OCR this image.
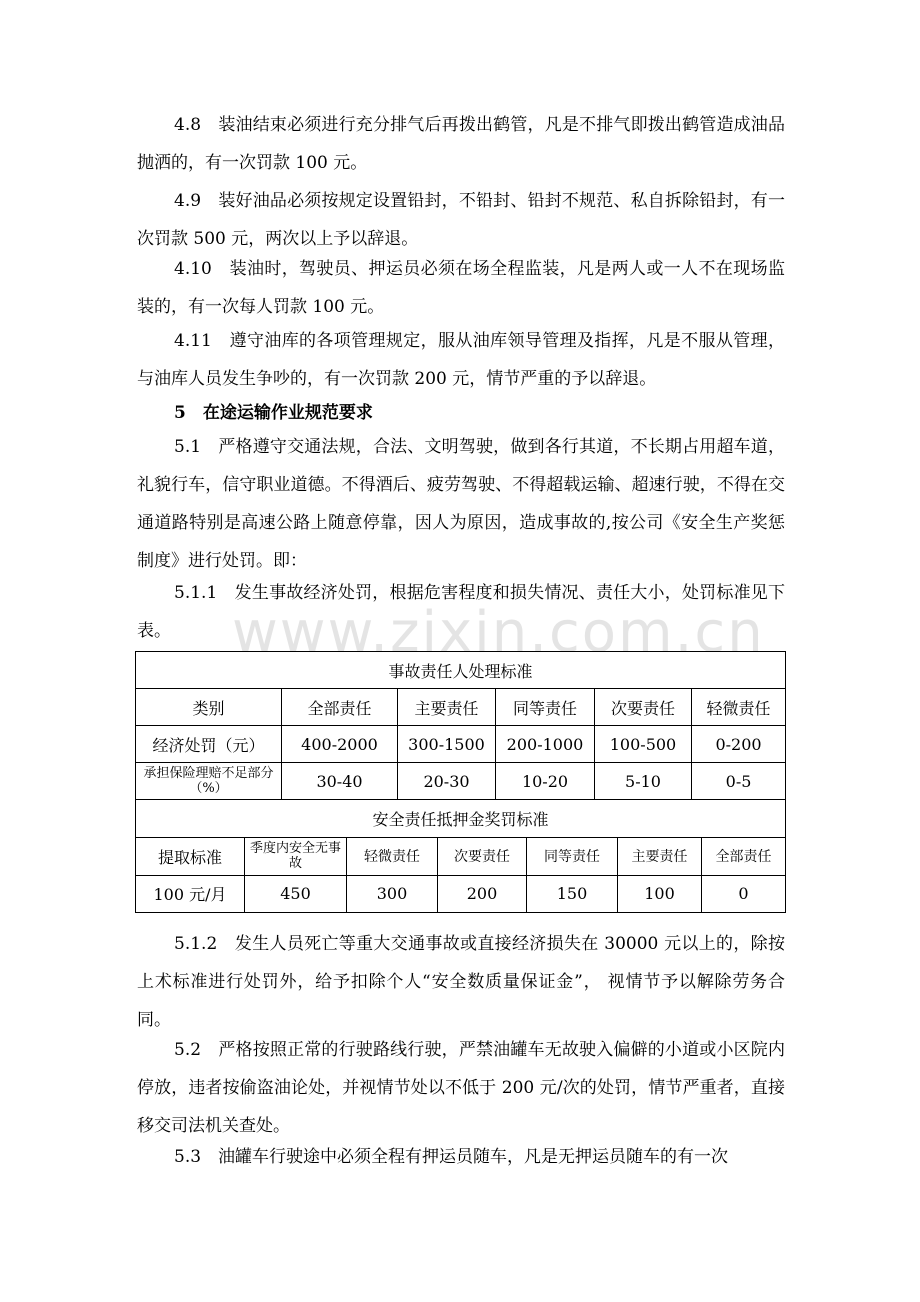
www.zixin.com.cn

4.8　装油结束必须进行充分排气后再拨出鹤管，凡是不排气即拨出鹤管造成油品抛洒的，有一次罚款 100 元。

4.9　装好油品必须按规定设置铅封，不铅封、铅封不规范、私自拆除铅封，有一次罚款 500 元，两次以上予以辞退。

4.10　装油时，驾驶员、押运员必须在场全程监装，凡是两人或一人不在现场监装的，有一次每人罚款 100 元。

4.11　遵守油库的各项管理规定，服从油库领导管理及指挥，凡是不服从管理，与油库人员发生争吵的，有一次罚款 200 元，情节严重的予以辞退。

5　在途运输作业规范要求

5.1　严格遵守交通法规，合法、文明驾驶，做到各行其道，不长期占用超车道，礼貌行车，信守职业道德。不得酒后、疲劳驾驶、不得超载运输、超速行驶，不得在交通道路特别是高速公路上随意停靠，因人为原因，造成事故的,按公司《安全生产奖惩制度》进行处罚。即：

5.1.1　发生事故经济处罚，根据危害程度和损失情况、责任大小，处罚标准见下表。

事故责任人处理标准					
类别	全部责任	主要责任	同等责任	次要责任	轻微责任
经济处罚（元）	400-2000	300-1500	200-1000	100-500	0-200
承担保险理赔不足部分（%）	30-40	20-30	10-20	5-10	0-5
安全责任抵押金奖罚标准						
提取标准	季度内安全无事故	轻微责任	次要责任	同等责任	主要责任	全部责任
100 元/月	450	300	200	150	100	0

5.1.2　发生人员死亡等重大交通事故或直接经济损失在 30000 元以上的，除按上术标准进行处罚外，给予扣除个人“安全数质量保证金”， 视情节予以解除劳务合同。

5.2　严格按照正常的行驶路线行驶，严禁油罐车无故驶入偏僻的小道或小区院内停放，违者按偷盗油论处，并视情节处以不低于 200 元/次的处罚，情节严重者，直接移交司法机关查处。

5.3　油罐车行驶途中必须全程有押运员随车，凡是无押运员随车的有一次
